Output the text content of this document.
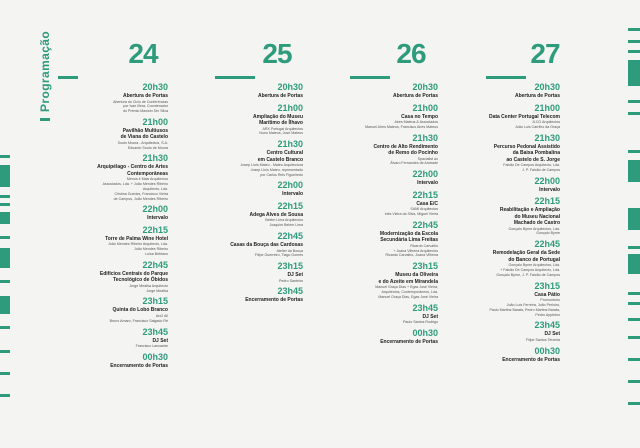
Programação	24	25	26	27
20h30
Abertura de Portas
Abertura do Ciclo de Conferências
por Ivan Illera, Coordenador
do Prémio Maxwin Ser Silva
21h00
Pavilhão Multiusos
de Viana do Castelo
Souto Moura - Arquitectos, S.A.
Eduardo Souto de Moura
21h30
Arquipélago - Centro de Artes
Contemporâneas
Menos é Mais Arquitectos
Associados, Lda. + João Mendes Ribeiro
Arquitecto, Lda.
Cristina Guedes, Francisco Vieira
de Campos, João Mendes Ribeiro
22h00
Intervalo
22h15
Torre de Palma Wine Hotel
João Mendes Ribeiro Arquitecto, Lda.
João Mendes Ribeiro
Luísa Bebiano
22h45
Edifícios Centrais do Parque
Tecnológico de Óbidos
Jorge Mealha Arquitecto
Jorge Mealha
23h15
Quinta do Lobo Branco
Arx2 All
Bruno Amaro, Francisco Salgado Ré
23h45
DJ Set
Francisco Lancastre
00h30
Encerramento de Portas
20h30
Abertura de Portas
21h00
Ampliação do Museu
Marítimo de Ílhavo
ARX Portugal Arquitectos
Nuno Mateus, José Mateus
21h30
Centro Cultural
em Castelo Branco
Josep Lluís Mateo - Mateo Arquitectura
Josep Lluís Mateo, representado
por Carlos Reis Figueiredo
22h00
Intervalo
22h15
Adega Alves de Sousa
Belém Lima Arquitectos
Joaquim Belém Lima
22h45
Casas da Bouça das Cardosas
Atelier da Bouça
Filipe Guerreiro, Tiago Gomes
23h15
DJ Set
Pedro Santeiro
23h45
Encerramento de Portas
20h30
Abertura de Portas
21h00
Casa no Tempo
Aires Mateus & Associados
Manuel Aires Mateus, Francisco Aires Mateus
21h30
Centro de Alto Rendimento
de Remo do Pocinho
Spacialist ao
Álvaro Fernandes de Andrade
22h00
Intervalo
22h15
Casa E/C
SAMI Arquitectos
Inês Vieira da Silva, Miguel Vieira
22h45
Modernização da Escola
Secundária Lima Freitas
Ricardo Carvalho
+ Joana Vilhena Arquitectos
Ricardo Carvalho, Joana Vilhena
23h15
Museu da Oliveira
e do Azeite em Mirandela
Manuel Graça Dias + Egas José Vieira,
Arquitectos, Contemporâneos, Lda.
Manuel Graça Dias, Egas José Vieira
23h45
DJ Set
Paulo Santos Rodrigo
00h30
Encerramento de Portas
20h30
Abertura de Portas
21h00
Data Center Portugal Telecom
JLCG Arquitectos
João Luís Carrilho da Graça
21h30
Percurso Pedonal Assistido
da Baixa Pombalina
ao Castelo de S. Jorge
Falcão De Campos Arquitecto, Lda.
J. P. Falcão de Campos
22h00
Intervalo
22h15
Reabilitação e Ampliação
do Museu Nacional
Machado de Castro
Gonçalo Byrne Arquitectos, Lda.
Gonçalo Byrne
22h45
Remodelação Geral da Sede
do Banco de Portugal
Gonçalo Byrne Arquitectos, Lda.
+ Falcão De Campos Arquitecto, Lda.
Gonçalo Byrne, J. P. Falcão de Campos
23h15
Casa Pátio
Promontório
João Luís Ferreira, João Perloiro,
Paulo Martins Barata, Pedro Martins Barata,
Pedro Appleton
23h45
DJ Set
Filipe Santos Teixeira
00h30
Encerramento de Portas
